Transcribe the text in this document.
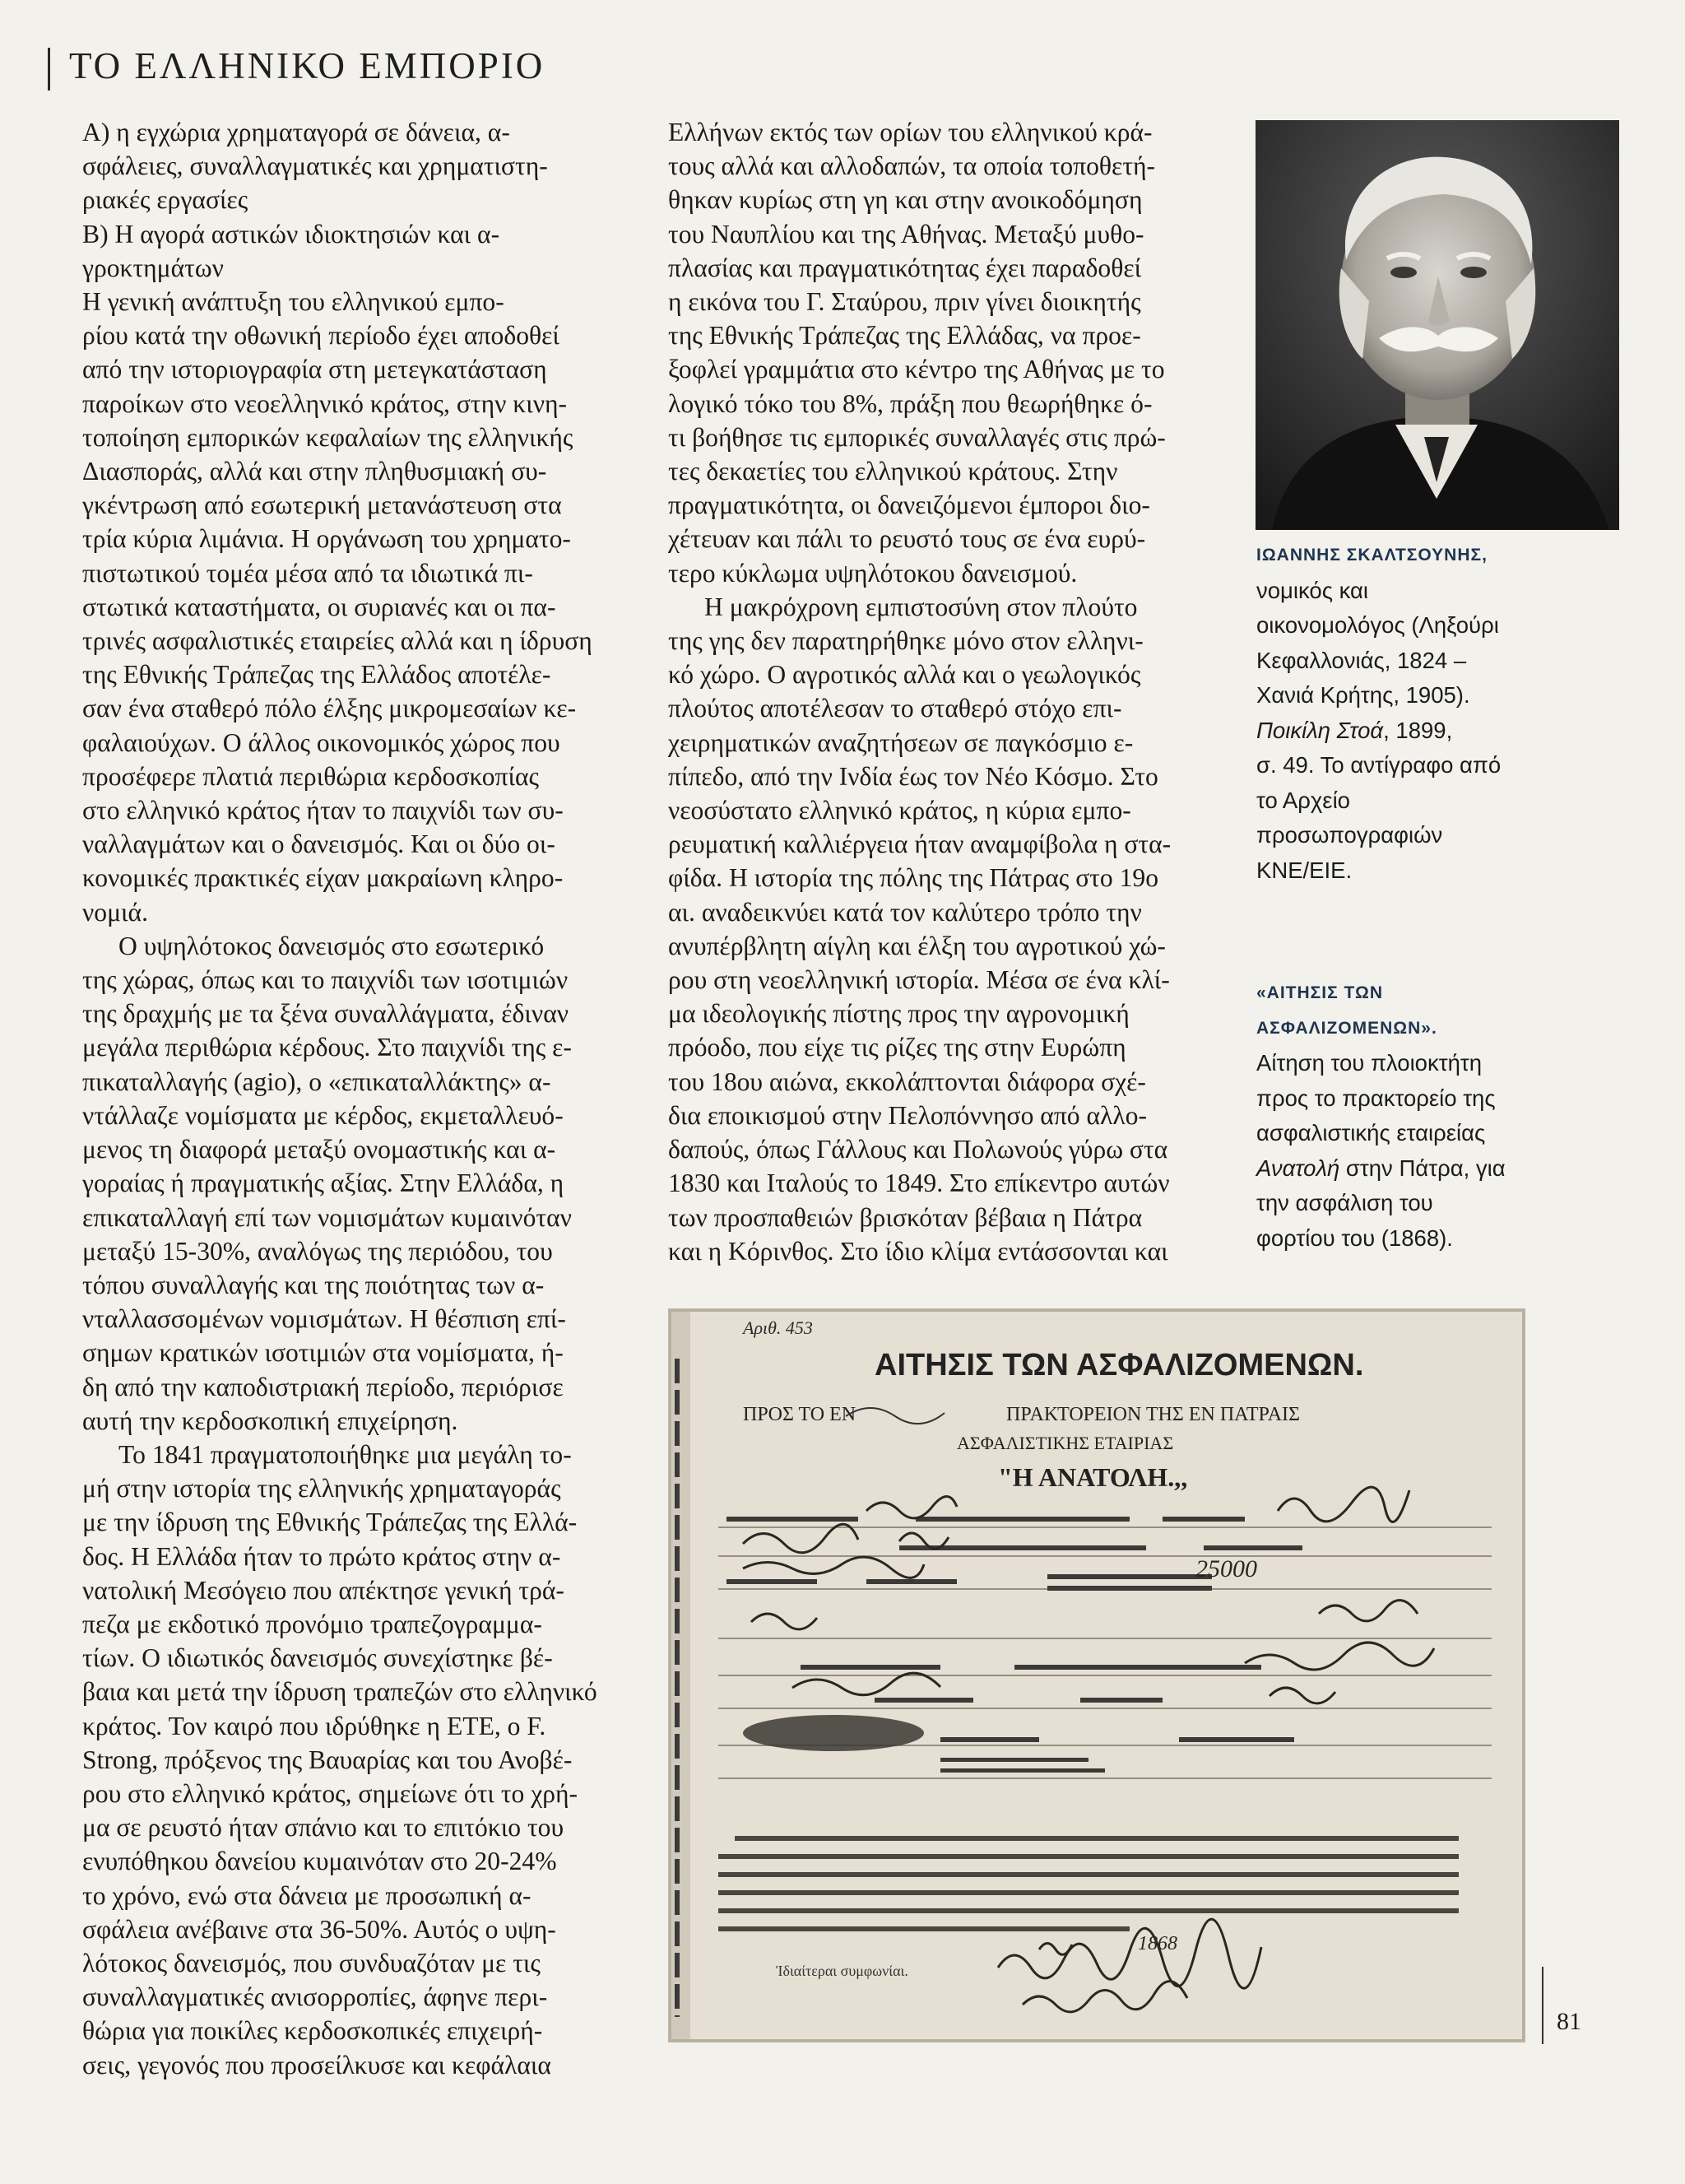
ΤΟ ΕΛΛΗΝΙΚΟ ΕΜΠΟΡΙΟ

Α) η εγχώρια χρηματαγορά σε δάνεια, α-

σφάλειες, συναλλαγματικές και χρηματιστη-

ριακές εργασίες

Β) Η αγορά αστικών ιδιοκτησιών και α-

γροκτημάτων

Η γενική ανάπτυξη του ελληνικού εμπο-

ρίου κατά την οθωνική περίοδο έχει αποδοθεί

από την ιστοριογραφία στη μετεγκατάσταση

παροίκων στο νεοελληνικό κράτος, στην κινη-

τοποίηση εμπορικών κεφαλαίων της ελληνικής

Διασποράς, αλλά και στην πληθυσμιακή συ-

γκέντρωση από εσωτερική μετανάστευση στα

τρία κύρια λιμάνια. Η οργάνωση του χρηματο-

πιστωτικού τομέα μέσα από τα ιδιωτικά πι-

στωτικά καταστήματα, οι συριανές και οι πα-

τρινές ασφαλιστικές εταιρείες αλλά και η ίδρυση

της Εθνικής Τράπεζας της Ελλάδος αποτέλε-

σαν ένα σταθερό πόλο έλξης μικρομεσαίων κε-

φαλαιούχων. Ο άλλος οικονομικός χώρος που

προσέφερε πλατιά περιθώρια κερδοσκοπίας

στο ελληνικό κράτος ήταν το παιχνίδι των συ-

ναλλαγμάτων και ο δανεισμός. Και οι δύο οι-

κονομικές πρακτικές είχαν μακραίωνη κληρο-

νομιά.

Ο υψηλότοκος δανεισμός στο εσωτερικό

της χώρας, όπως και το παιχνίδι των ισοτιμιών

της δραχμής με τα ξένα συναλλάγματα, έδιναν

μεγάλα περιθώρια κέρδους. Στο παιχνίδι της ε-

πικαταλλαγής (agio), ο «επικαταλλάκτης» α-

ντάλλαζε νομίσματα με κέρδος, εκμεταλλευό-

μενος τη διαφορά μεταξύ ονομαστικής και α-

γοραίας ή πραγματικής αξίας. Στην Ελλάδα, η

επικαταλλαγή επί των νομισμάτων κυμαινόταν

μεταξύ 15-30%, αναλόγως της περιόδου, του

τόπου συναλλαγής και της ποιότητας των α-

νταλλασσομένων νομισμάτων. Η θέσπιση επί-

σημων κρατικών ισοτιμιών στα νομίσματα, ή-

δη από την καποδιστριακή περίοδο, περιόρισε

αυτή την κερδοσκοπική επιχείρηση.

Το 1841 πραγματοποιήθηκε μια μεγάλη το-

μή στην ιστορία της ελληνικής χρηματαγοράς

με την ίδρυση της Εθνικής Τράπεζας της Ελλά-

δος. Η Ελλάδα ήταν το πρώτο κράτος στην α-

νατολική Μεσόγειο που απέκτησε γενική τρά-

πεζα με εκδοτικό προνόμιο τραπεζογραμμα-

τίων. Ο ιδιωτικός δανεισμός συνεχίστηκε βέ-

βαια και μετά την ίδρυση τραπεζών στο ελληνικό

κράτος. Τον καιρό που ιδρύθηκε η ΕΤΕ, ο F.

Strong, πρόξενος της Βαυαρίας και του Ανοβέ-

ρου στο ελληνικό κράτος, σημείωνε ότι το χρή-

μα σε ρευστό ήταν σπάνιο και το επιτόκιο του

ενυπόθηκου δανείου κυμαινόταν στο 20-24%

το χρόνο, ενώ στα δάνεια με προσωπική α-

σφάλεια ανέβαινε στα 36-50%. Αυτός ο υψη-

λότοκος δανεισμός, που συνδυαζόταν με τις

συναλλαγματικές ανισορροπίες, άφηνε περι-

θώρια για ποικίλες κερδοσκοπικές επιχειρή-

σεις, γεγονός που προσείλκυσε και κεφάλαια

Ελλήνων εκτός των ορίων του ελληνικού κρά-

τους αλλά και αλλοδαπών, τα οποία τοποθετή-

θηκαν κυρίως στη γη και στην ανοικοδόμηση

του Ναυπλίου και της Αθήνας. Μεταξύ μυθο-

πλασίας και πραγματικότητας έχει παραδοθεί

η εικόνα του Γ. Σταύρου, πριν γίνει διοικητής

της Εθνικής Τράπεζας της Ελλάδας, να προε-

ξοφλεί γραμμάτια στο κέντρο της Αθήνας με το

λογικό τόκο του 8%, πράξη που θεωρήθηκε ό-

τι βοήθησε τις εμπορικές συναλλαγές στις πρώ-

τες δεκαετίες του ελληνικού κράτους. Στην

πραγματικότητα, οι δανειζόμενοι έμποροι διο-

χέτευαν και πάλι το ρευστό τους σε ένα ευρύ-

τερο κύκλωμα υψηλότοκου δανεισμού.

Η μακρόχρονη εμπιστοσύνη στον πλούτο

της γης δεν παρατηρήθηκε μόνο στον ελληνι-

κό χώρο. Ο αγροτικός αλλά και ο γεωλογικός

πλούτος αποτέλεσαν το σταθερό στόχο επι-

χειρηματικών αναζητήσεων σε παγκόσμιο ε-

πίπεδο, από την Ινδία έως τον Νέο Κόσμο. Στο

νεοσύστατο ελληνικό κράτος, η κύρια εμπο-

ρευματική καλλιέργεια ήταν αναμφίβολα η στα-

φίδα. Η ιστορία της πόλης της Πάτρας στο 19ο

αι. αναδεικνύει κατά τον καλύτερο τρόπο την

ανυπέρβλητη αίγλη και έλξη του αγροτικού χώ-

ρου στη νεοελληνική ιστορία. Μέσα σε ένα κλί-

μα ιδεολογικής πίστης προς την αγρονομική

πρόοδο, που είχε τις ρίζες της στην Ευρώπη

του 18ου αιώνα, εκκολάπτονται διάφορα σχέ-

δια εποικισμού στην Πελοπόννησο από αλλο-

δαπούς, όπως Γάλλους και Πολωνούς γύρω στα

1830 και Ιταλούς το 1849. Στο επίκεντρο αυτών

των προσπαθειών βρισκόταν βέβαια η Πάτρα

και η Κόρινθος. Στο ίδιο κλίμα εντάσσονται και

ΙΩΑΝΝΗΣ ΣΚΑΛΤΣΟΥΝΗΣ,
νομικός και
οικονομολόγος (Ληξούρι
Κεφαλλονιάς, 1824 –
Χανιά Κρήτης, 1905).
Ποικίλη Στοά, 1899,
σ. 49. Το αντίγραφο από
το Αρχείο
προσωπογραφιών
ΚΝΕ/ΕΙΕ.
«ΑΙΤΗΣΙΣ ΤΩΝ
ΑΣΦΑΛΙΖΟΜΕΝΩΝ».
Αίτηση του πλοιοκτήτη
προς το πρακτορείο της
ασφαλιστικής εταιρείας
Ανατολή στην Πάτρα, για
την ασφάλιση του
φορτίου του (1868).
Αριθ. 453
ΑΙΤΗΣΙΣ ΤΩΝ ΑΣΦΑΛΙΖΟΜΕΝΩΝ.
ΠΡΟΣ ΤΟ ΕΝ	ΠΡΑΚΤΟΡΕΙΟΝ ΤΗΣ ΕΝ ΠΑΤΡΑΙΣ
ΑΣΦΑΛΙΣΤΙΚΗΣ ΕΤΑΙΡΙΑΣ
"Η ΑΝΑΤΟΛΗ.,,
25000
1868
Ἰδιαίτεραι συμφωνίαι.
81
